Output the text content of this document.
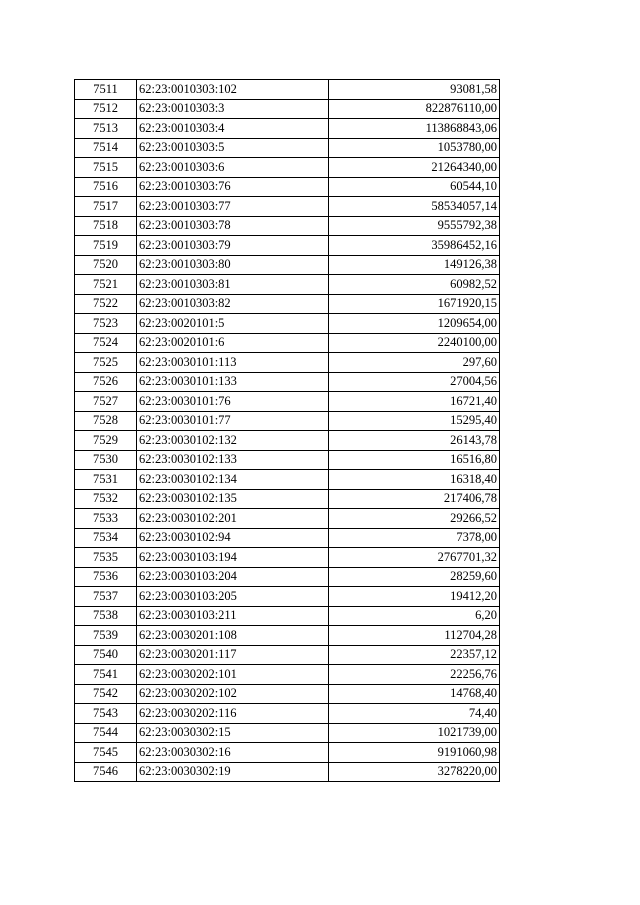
7511	62:23:0010303:102	93081,58
7512	62:23:0010303:3	822876110,00
7513	62:23:0010303:4	113868843,06
7514	62:23:0010303:5	1053780,00
7515	62:23:0010303:6	21264340,00
7516	62:23:0010303:76	60544,10
7517	62:23:0010303:77	58534057,14
7518	62:23:0010303:78	9555792,38
7519	62:23:0010303:79	35986452,16
7520	62:23:0010303:80	149126,38
7521	62:23:0010303:81	60982,52
7522	62:23:0010303:82	1671920,15
7523	62:23:0020101:5	1209654,00
7524	62:23:0020101:6	2240100,00
7525	62:23:0030101:113	297,60
7526	62:23:0030101:133	27004,56
7527	62:23:0030101:76	16721,40
7528	62:23:0030101:77	15295,40
7529	62:23:0030102:132	26143,78
7530	62:23:0030102:133	16516,80
7531	62:23:0030102:134	16318,40
7532	62:23:0030102:135	217406,78
7533	62:23:0030102:201	29266,52
7534	62:23:0030102:94	7378,00
7535	62:23:0030103:194	2767701,32
7536	62:23:0030103:204	28259,60
7537	62:23:0030103:205	19412,20
7538	62:23:0030103:211	6,20
7539	62:23:0030201:108	112704,28
7540	62:23:0030201:117	22357,12
7541	62:23:0030202:101	22256,76
7542	62:23:0030202:102	14768,40
7543	62:23:0030202:116	74,40
7544	62:23:0030302:15	1021739,00
7545	62:23:0030302:16	9191060,98
7546	62:23:0030302:19	3278220,00
